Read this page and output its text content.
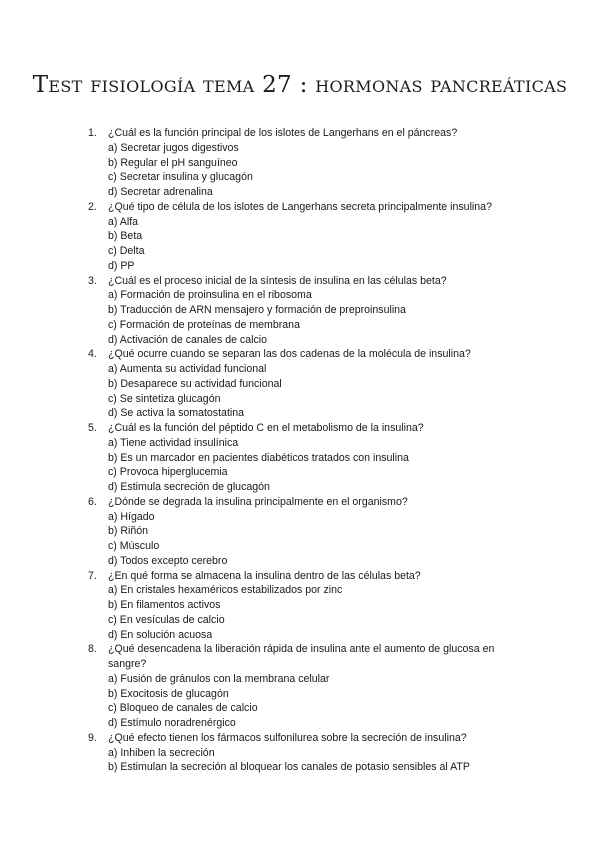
Test fisiología tema 27 : hormonas pancreáticas
1. ¿Cuál es la función principal de los islotes de Langerhans en el páncreas?
a) Secretar jugos digestivos
b) Regular el pH sanguíneo
c) Secretar insulina y glucagón
d) Secretar adrenalina
2. ¿Qué tipo de célula de los islotes de Langerhans secreta principalmente insulina?
a) Alfa
b) Beta
c) Delta
d) PP
3. ¿Cuál es el proceso inicial de la síntesis de insulina en las células beta?
a) Formación de proinsulina en el ribosoma
b) Traducción de ARN mensajero y formación de preproinsulina
c) Formación de proteínas de membrana
d) Activación de canales de calcio
4. ¿Qué ocurre cuando se separan las dos cadenas de la molécula de insulina?
a) Aumenta su actividad funcional
b) Desaparece su actividad funcional
c) Se sintetiza glucagón
d) Se activa la somatostatina
5. ¿Cuál es la función del péptido C en el metabolismo de la insulina?
a) Tiene actividad insulínica
b) Es un marcador en pacientes diabéticos tratados con insulina
c) Provoca hiperglucemia
d) Estimula secreción de glucagón
6. ¿Dónde se degrada la insulina principalmente en el organismo?
a) Hígado
b) Riñón
c) Músculo
d) Todos excepto cerebro
7. ¿En qué forma se almacena la insulina dentro de las células beta?
a) En cristales hexaméricos estabilizados por zinc
b) En filamentos activos
c) En vesículas de calcio
d) En solución acuosa
8. ¿Qué desencadena la liberación rápida de insulina ante el aumento de glucosa en sangre?
a) Fusión de gránulos con la membrana celular
b) Exocitosis de glucagón
c) Bloqueo de canales de calcio
d) Estímulo noradrenérgico
9. ¿Qué efecto tienen los fármacos sulfonilurea sobre la secreción de insulina?
a) Inhiben la secreción
b) Estimulan la secreción al bloquear los canales de potasio sensibles al ATP
